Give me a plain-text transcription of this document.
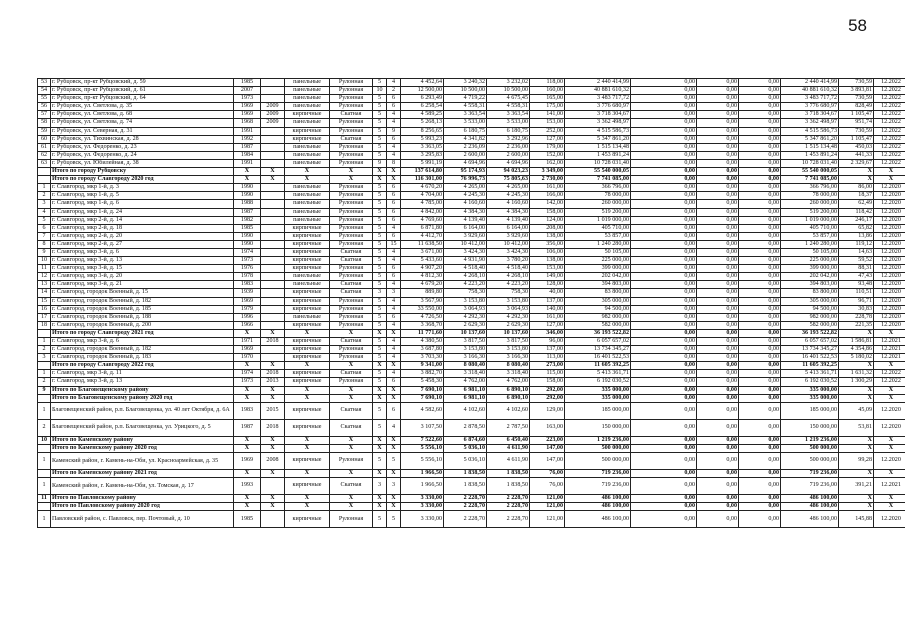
58
53	г. Рубцовск, пр-кт Рубцовский, д. 59	1985		панельные	Рулонная	5	4	4 452,64	3 240,32	3 232,02	118,00	2 440 414,99	0,00	0,00	0,00	2 440 414,99	730,59	12.2022
54	г. Рубцовск, пр-кт Рубцовский, д. 61	2007		панельные	Рулонная	10	2	12 500,00	10 500,00	10 500,00	160,00	40 881 610,32	0,00	0,00	0,00	40 881 610,32	3 893,81	12.2022
55	г. Рубцовск, пр-кт Рубцовский, д. 64	1973		панельные	Рулонная	5	6	6 293,49	4 719,22	4 675,45	165,00	3 483 717,72	0,00	0,00	0,00	3 483 717,72	730,59	12.2022
56	г. Рубцовск, ул. Светлова, д. 35	1969	2009	панельные	Рулонная	5	6	6 258,54	4 558,31	4 558,31	175,00	3 776 680,97	0,00	0,00	0,00	3 776 680,97	828,49	12.2022
57	г. Рубцовск, ул. Светлова, д. 68	1969	2009	кирпичные	Скатная	5	4	4 589,25	3 363,54	3 363,54	141,00	3 718 304,67	0,00	0,00	0,00	3 718 304,67	1 105,47	12.2022
58	г. Рубцовск, ул. Светлова, д. 74	1968	2009	панельные	Рулонная	5	4	5 268,13	3 533,00	3 533,00	153,00	3 362 498,97	0,00	0,00	0,00	3 362 498,97	951,74	12.2022
59	г. Рубцовск, ул. Северная, д. 31	1991		кирпичные	Рулонная	5	9	8 256,65	6 180,75	6 180,75	252,00	4 515 586,73	0,00	0,00	0,00	4 515 586,73	730,59	12.2022
60	г. Рубцовск, ул. Тихвинская, д. 28	1992		кирпичные	Скатная	5	6	5 993,23	4 341,82	3 292,96	127,00	5 347 861,20	0,00	0,00	0,00	5 347 861,20	1 105,47	12.2022
61	г. Рубцовск, ул. Федоренко, д. 23	1987		панельные	Рулонная	5	4	3 363,05	2 236,09	2 236,00	179,00	1 515 134,48	0,00	0,00	0,00	1 515 134,48	450,03	12.2022
62	г. Рубцовск, ул. Федоренко, д. 24	1984		панельные	Рулонная	5	4	3 295,83	2 600,00	2 600,00	152,00	1 453 891,24	0,00	0,00	0,00	1 453 891,24	441,33	12.2022
63	г. Рубцовск, ул. Юбилейная, д. 38	1991		панельные	Рулонная	9	8	5 991,19	4 694,96	4 694,96	162,00	10 728 031,40	0,00	0,00	0,00	10 728 031,40	2 329,67	12.2022
	Итого по городу Рубцовску	X	X	X	X	X	X	137 614,80	95 174,93	94 023,23	3 349,00	55 540 000,05	0,00	0,00	0,00	55 540 000,05	X	X
	Итого по городу Славгороду 2020 год	X	X	X	X	X	X	116 301,00	76 996,73	75 805,63	2 730,00	7 741 085,00	0,00	0,00	0,00	7 741 085,00	X	X
1	г. Славгород, мкр 1-й, д. 3	1990		панельные	Рулонная	5	6	4 670,20	4 265,00	4 265,00	161,00	366 796,00	0,00	0,00	0,00	366 796,00	86,00	12.2020
2	г. Славгород, мкр 1-й, д. 5	1990		панельные	Рулонная	5	6	4 704,00	4 245,30	4 245,30	166,00	78 000,00	0,00	0,00	0,00	78 000,00	18,37	12.2020
3	г. Славгород, мкр 1-й, д. 6	1988		панельные	Рулонная	5	6	4 785,00	4 160,60	4 160,60	142,00	260 000,00	0,00	0,00	0,00	260 000,00	62,49	12.2020
4	г. Славгород, мкр 1-й, д. 24	1987		панельные	Рулонная	5	6	4 842,00	4 384,30	4 384,30	158,00	519 200,00	0,00	0,00	0,00	519 200,00	118,42	12.2020
5	г. Славгород, мкр 2-й, д. 14	1982		панельные	Рулонная	5	6	4 769,60	4 139,40	4 139,40	124,00	1 019 000,00	0,00	0,00	0,00	1 019 000,00	246,17	12.2020
6	г. Славгород, мкр 2-й, д. 18	1985		кирпичные	Рулонная	5	4	6 871,80	6 164,00	6 164,00	208,00	405 710,00	0,00	0,00	0,00	405 710,00	65,82	12.2020
7	г. Славгород, мкр 2-й, д. 20	1990		кирпичные	Рулонная	5	6	4 412,70	3 929,60	3 929,60	138,00	53 857,00	0,00	0,00	0,00	53 857,00	13,86	12.2020
8	г. Славгород, мкр 2-й, д. 27	1990		кирпичные	Рулонная	5	15	11 638,50	10 412,00	10 412,00	356,00	1 240 280,00	0,00	0,00	0,00	1 240 280,00	119,12	12.2020
9	г. Славгород, мкр 3-й, д. 6	1974		кирпичные	Скатная	5	4	3 671,00	3 424,30	3 424,30	106,00	50 105,00	0,00	0,00	0,00	50 105,00	14,63	12.2020
10	г. Славгород, мкр 3-й, д. 13	1973		кирпичные	Скатная	5	4	5 433,60	4 931,90	3 780,20	138,00	225 000,00	0,00	0,00	0,00	225 000,00	59,52	12.2020
11	г. Славгород, мкр 3-й, д. 15	1976		кирпичные	Рулонная	5	6	4 907,20	4 518,40	4 518,40	153,00	399 000,00	0,00	0,00	0,00	399 000,00	88,31	12.2020
12	г. Славгород, мкр 3-й, д. 20	1978		панельные	Рулонная	5	6	4 812,30	4 268,10	4 268,10	149,00	202 042,00	0,00	0,00	0,00	202 042,00	47,43	12.2020
13	г. Славгород, мкр 3-й, д. 21	1983		панельные	Скатная	5	4	4 679,20	4 223,20	4 223,20	128,00	394 803,00	0,00	0,00	0,00	394 803,00	93,48	12.2020
14	г. Славгород, городок Военный, д. 15	1939		кирпичные	Скатная	3	3	889,80	758,30	758,30	40,00	83 800,00	0,00	0,00	0,00	83 800,00	110,51	12.2020
15	г. Славгород, городок Военный, д. 182	1969		кирпичные	Рулонная	5	4	3 567,90	3 153,80	3 153,80	137,00	305 000,00	0,00	0,00	0,00	305 000,00	96,71	12.2020
16	г. Славгород, городок Военный, д. 185	1979		кирпичные	Рулонная	5	4	33 550,00	3 064,93	3 064,93	140,00	94 500,00	0,00	0,00	0,00	94 500,00	30,83	12.2020
17	г. Славгород, городок Военный, д. 188	1996		панельные	Рулонная	5	6	4 726,50	4 292,30	4 292,30	161,00	982 000,00	0,00	0,00	0,00	982 000,00	228,78	12.2020
18	г. Славгород, городок Военный, д. 200	1966		кирпичные	Рулонная	5	4	3 368,70	2 629,30	2 629,30	127,00	582 000,00	0,00	0,00	0,00	582 000,00	221,35	12.2020
	Итого по городу Славгороду 2021 год	X	X	X	X	X	X	11 771,60	10 137,60	10 137,60	346,00	36 193 522,82	0,00	0,00	0,00	36 193 522,82	X	X
1	г. Славгород, мкр 3-й, д. 6	1971	2018	кирпичные	Скатная	5	4	4 380,50	3 817,50	3 817,50	96,00	6 057 657,02	0,00	0,00	0,00	6 057 657,02	1 586,81	12.2021
2	г. Славгород, городок Военный, д. 182	1969		кирпичные	Рулонная	5	4	3 687,80	3 153,80	3 153,80	137,00	13 734 345,27	0,00	0,00	0,00	13 734 345,27	4 354,86	12.2021
3	г. Славгород, городок Военный, д. 183	1970		кирпичные	Рулонная	5	4	3 703,30	3 166,30	3 166,30	113,00	16 401 522,53	0,00	0,00	0,00	16 401 522,53	5 180,02	12.2021
	Итого по городу Славгороду 2022 год	X	X	X	X	X	X	9 341,00	8 080,40	8 080,40	273,00	11 605 392,25	0,00	0,00	0,00	11 605 392,25	X	X
1	г. Славгород, мкр 3-й, д. 11	1974	2018	кирпичные	Скатная	5	4	3 882,70	3 318,40	3 318,40	115,00	5 413 361,71	0,00	0,00	0,00	5 413 361,71	1 631,32	12.2022
2	г. Славгород, мкр 3-й, д. 13	1973	2013	кирпичные	Рулонная	5	6	5 458,30	4 762,00	4 762,00	158,00	6 192 030,52	0,00	0,00	0,00	6 192 030,52	1 300,29	12.2022
9	Итого по Благовещенскому району	X	X	X	X	X	X	7 690,10	6 981,10	6 890,10	292,00	335 000,00	0,00	0,00	0,00	335 000,00	X	X
	Итого по Благовещенскому району 2020 год	X	X	X	X	X	X	7 690,10	6 981,10	6 890,10	292,00	335 000,00	0,00	0,00	0,00	335 000,00	X	X
1	Благовещенский район, р.п. Благовещенка, ул. 40 лет Октября, д. 6А	1983	2015	кирпичные	Скатная	5	6	4 582,60	4 102,60	4 102,60	129,00	185 000,00	0,00	0,00	0,00	185 000,00	45,09	12.2020
2	Благовещенский район, р.п. Благовещенка, ул. Урицкого, д. 5	1987	2018	кирпичные	Скатная	5	4	3 107,50	2 878,50	2 787,50	163,00	150 000,00	0,00	0,00	0,00	150 000,00	53,81	12.2020
10	Итого по Каменскому району	X	X	X	X	X	X	7 522,60	6 874,60	6 450,40	223,00	1 219 236,00	0,00	0,00	0,00	1 219 236,00	X	X
	Итого по Каменскому району 2020 год	X	X	X	X	X	X	5 556,10	5 036,10	4 611,90	147,00	500 000,00	0,00	0,00	0,00	500 000,00	X	X
1	Каменский район, г. Камень-на-Оби, ул. Красноармейская, д. 35	1969	2008	кирпичные	Рулонная	5	5	5 556,10	5 036,10	4 611,90	147,00	500 000,00	0,00	0,00	0,00	500 000,00	99,28	12.2020
	Итого по Каменскому району 2021 год	X	X	X	X	X	X	1 966,50	1 838,50	1 838,50	76,00	719 236,00	0,00	0,00	0,00	719 236,00	X	X
1	Каменский район, г. Камень-на-Оби, ул. Томская, д. 17	1993		кирпичные	Скатная	3	3	1 966,50	1 838,50	1 838,50	76,00	719 236,00	0,00	0,00	0,00	719 236,00	391,21	12.2021
11	Итого по Павловскому району	X	X	X	X	X	X	3 330,00	2 228,70	2 228,70	121,00	486 100,00	0,00	0,00	0,00	486 100,00	X	X
	Итого по Павловскому району 2020 год	X	X	X	X	X	X	3 330,00	2 228,70	2 228,70	121,00	486 100,00	0,00	0,00	0,00	486 100,00	X	X
1	Павловский район, с. Павловск, пер. Почтовый, д. 10	1985		кирпичные	Рулонная	5	5	3 330,00	2 228,70	2 228,70	121,00	486 100,00	0,00	0,00	0,00	486 100,00	145,88	12.2020
